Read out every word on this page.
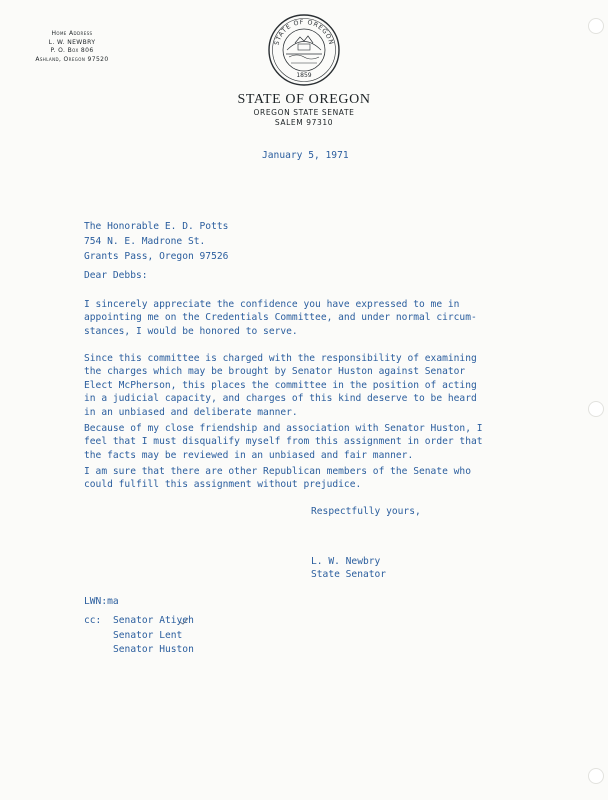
Home Address
L. W. NEWBRY
P. O. Box 806
Ashland, Oregon 97520
STATE OF OREGON
1859
STATE OF OREGON
OREGON STATE SENATE
SALEM 97310
January 5, 1971
The Honorable E. D. Potts
754 N. E. Madrone St.
Grants Pass, Oregon 97526
Dear Debbs:
I sincerely appreciate the confidence you have expressed to me in
appointing me on the Credentials Committee, and under normal circum-
stances, I would be honored to serve.
Since this committee is charged with the responsibility of examining
the charges which may be brought by Senator Huston against Senator
Elect McPherson, this places the committee in the position of acting
in a judicial capacity, and charges of this kind deserve to be heard
in an unbiased and deliberate manner.
Because of my close friendship and association with Senator Huston, I
feel that I must disqualify myself from this assignment in order that
the facts may be reviewed in an unbiased and fair manner.
I am sure that there are other Republican members of the Senate who
could fulfill this assignment without prejudice.
Respectfully yours,
L. W. Newbry
State Senator
LWN:ma
cc: Senator Atiyeh
Senator Lent
Senator Huston
